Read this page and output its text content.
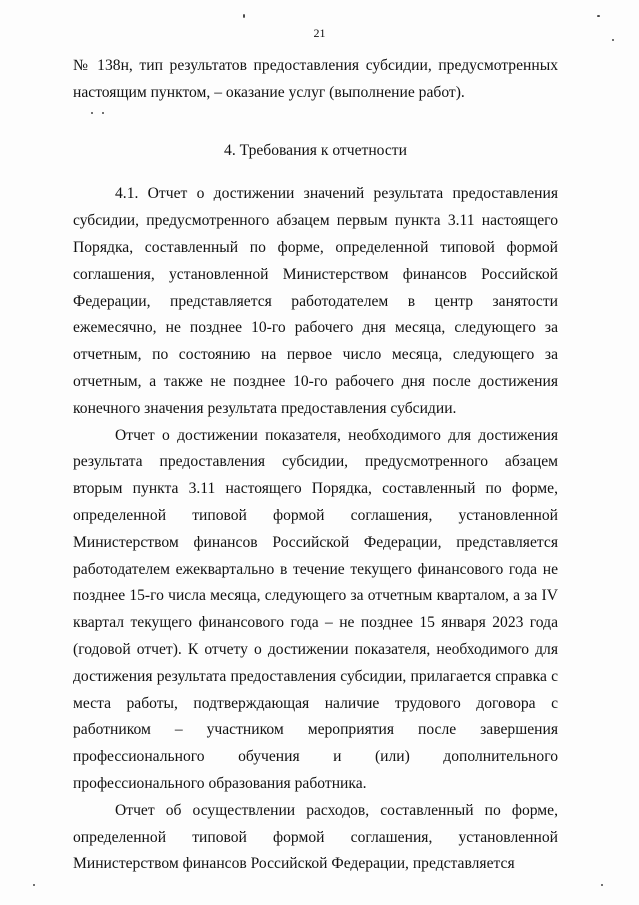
21

№ 138н, тип результатов предоставления субсидии, предусмотренных настоящим пунктом, – оказание услуг (выполнение работ).

4. Требования к отчетности

4.1. Отчет о достижении значений результата предоставления субсидии, предусмотренного абзацем первым пункта 3.11 настоящего Порядка, составленный по форме, определенной типовой формой соглашения, установленной Министерством финансов Российской Федерации, представляется работодателем в центр занятости ежемесячно, не позднее 10-го рабочего дня месяца, следующего за отчетным, по состоянию на первое число месяца, следующего за отчетным, а также не позднее 10-го рабочего дня после достижения конечного значения результата предоставления субсидии.

Отчет о достижении показателя, необходимого для достижения результата предоставления субсидии, предусмотренного абзацем вторым пункта 3.11 настоящего Порядка, составленный по форме, определенной типовой формой соглашения, установленной Министерством финансов Российской Федерации, представляется работодателем ежеквартально в течение текущего финансового года не позднее 15-го числа месяца, следующего за отчетным кварталом, а за IV квартал текущего финансового года – не позднее 15 января 2023 года (годовой отчет). К отчету о достижении показателя, необходимого для достижения результата предоставления субсидии, прилагается справка с места работы, подтверждающая наличие трудового договора с работником – участником мероприятия после завершения профессионального обучения и (или) дополнительного профессионального образования работника.

Отчет об осуществлении расходов, составленный по форме, определенной типовой формой соглашения, установленной Министерством финансов Российской Федерации, представляется
